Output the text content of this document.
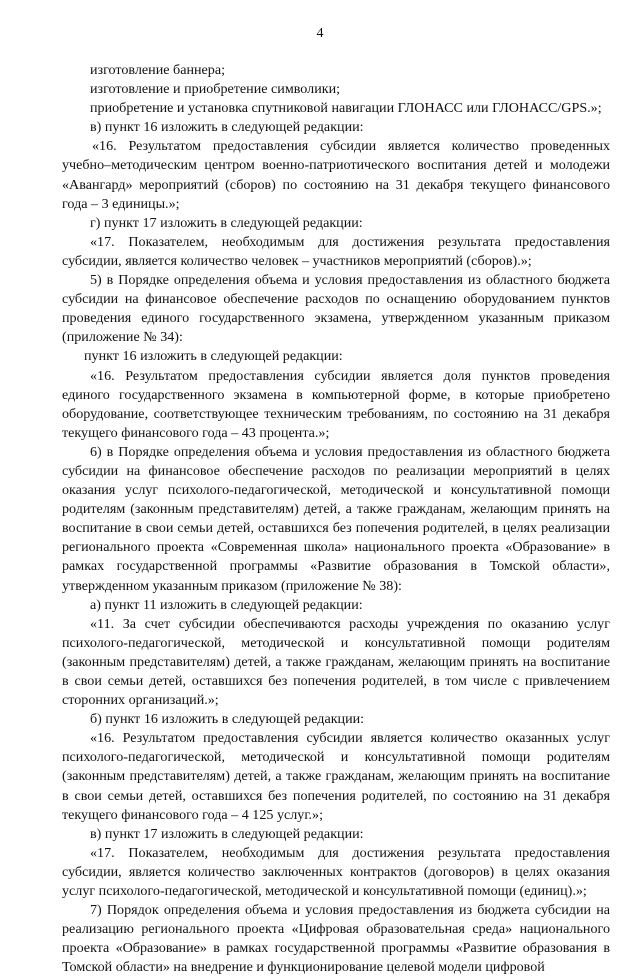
4

изготовление баннера;

изготовление и приобретение символики;

приобретение и установка спутниковой навигации ГЛОНАСС или ГЛОНАСС/GPS.»;

в) пункт 16 изложить в следующей редакции:

«16. Результатом предоставления субсидии является количество проведенных учебно–методическим центром военно-патриотического воспитания детей и молодежи «Авангард» мероприятий (сборов) по состоянию на 31 декабря текущего финансового года – 3 единицы.»;

г) пункт 17 изложить в следующей редакции:

«17. Показателем, необходимым для достижения результата предоставления субсидии, является количество человек – участников мероприятий (сборов).»;

5) в Порядке определения объема и условия предоставления из областного бюджета субсидии на финансовое обеспечение расходов по оснащению оборудованием пунктов проведения единого государственного экзамена, утвержденном указанным приказом (приложение № 34):

пункт 16 изложить в следующей редакции:

«16. Результатом предоставления субсидии является доля пунктов проведения единого государственного экзамена в компьютерной форме, в которые приобретено оборудование, соответствующее техническим требованиям, по состоянию на 31 декабря текущего финансового года – 43 процента.»;

6) в Порядке определения объема и условия предоставления из областного бюджета субсидии на финансовое обеспечение расходов по реализации мероприятий в целях оказания услуг психолого-педагогической, методической и консультативной помощи родителям (законным представителям) детей, а также гражданам, желающим принять на воспитание в свои семьи детей, оставшихся без попечения родителей, в целях реализации регионального проекта «Современная школа» национального проекта «Образование» в рамках государственной программы «Развитие образования в Томской области», утвержденном указанным приказом (приложение № 38):

а) пункт 11 изложить в следующей редакции:

«11. За счет субсидии обеспечиваются расходы учреждения по оказанию услуг психолого-педагогической, методической и консультативной помощи родителям (законным представителям) детей, а также гражданам, желающим принять на воспитание в свои семьи детей, оставшихся без попечения родителей, в том числе с привлечением сторонних организаций.»;

б) пункт 16 изложить в следующей редакции:

«16. Результатом предоставления субсидии является количество оказанных услуг психолого-педагогической, методической и консультативной помощи родителям (законным представителям) детей, а также гражданам, желающим принять на воспитание в свои семьи детей, оставшихся без попечения родителей, по состоянию на 31 декабря текущего финансового года – 4 125 услуг.»;

в) пункт 17 изложить в следующей редакции:

«17. Показателем, необходимым для достижения результата предоставления субсидии, является количество заключенных контрактов (договоров) в целях оказания услуг психолого-педагогической, методической и консультативной помощи (единиц).»;

7) Порядок определения объема и условия предоставления из бюджета субсидии на реализацию регионального проекта «Цифровая образовательная среда» национального проекта «Образование» в рамках государственной программы «Развитие образования в Томской области» на внедрение и функционирование целевой модели цифровой
